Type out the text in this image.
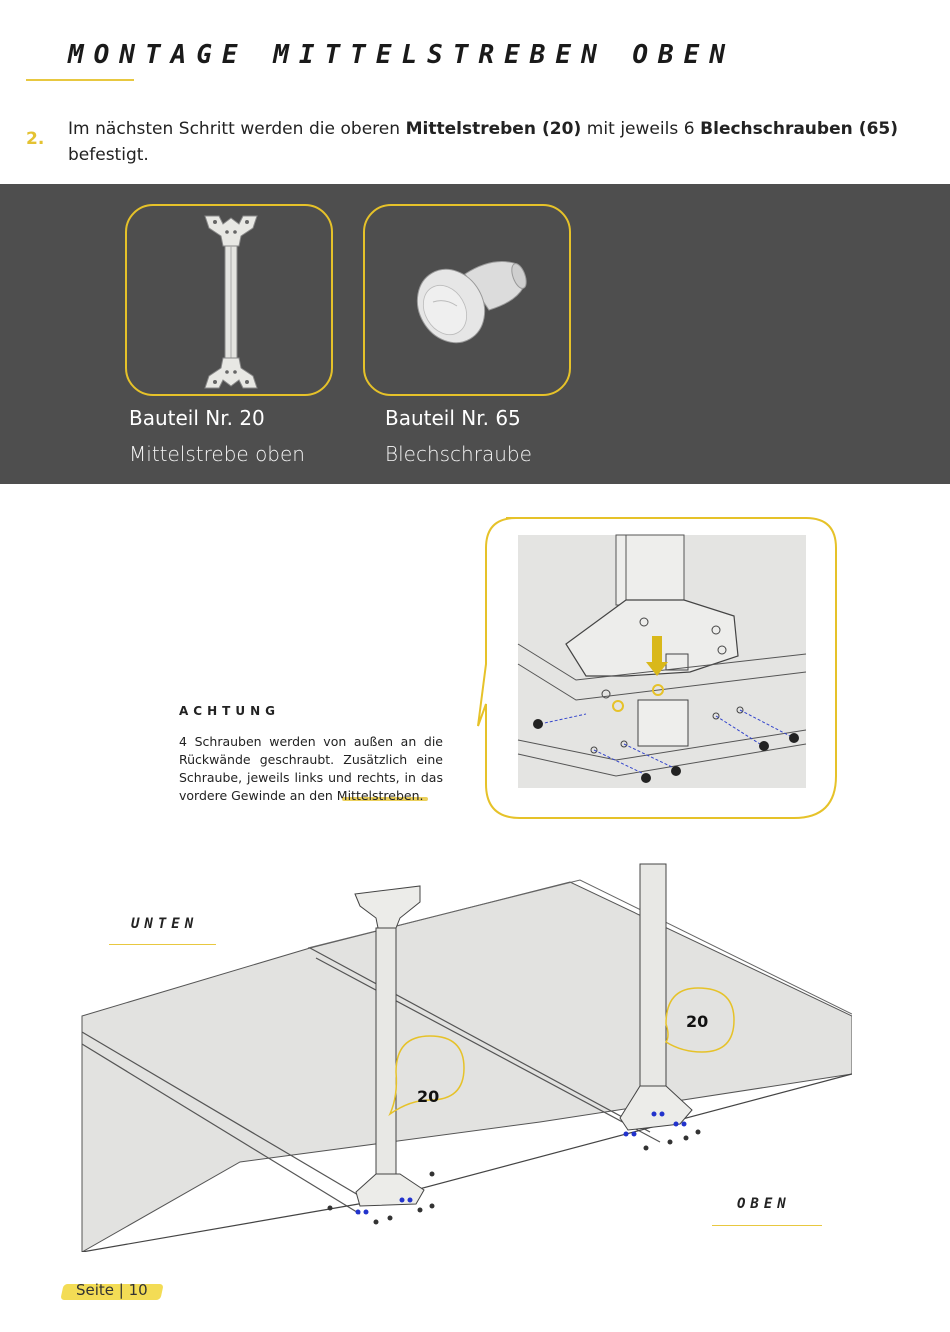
MONTAGE MITTELSTREBEN OBEN
2. Im nächsten Schritt werden die oberen Mittelstreben (20) mit jeweils 6 Blechschrauben (65) befestigt.
Bauteil Nr. 20
Mittelstrebe oben
Bauteil Nr. 65
Blechschraube
ACHTUNG
4 Schrauben werden von außen an die Rückwände geschraubt. Zusätzlich eine Schraube, jeweils links und rechts, in das vordere Gewinde an den Mittelstreben.
UNTEN
OBEN
20
20
Seite | 10
